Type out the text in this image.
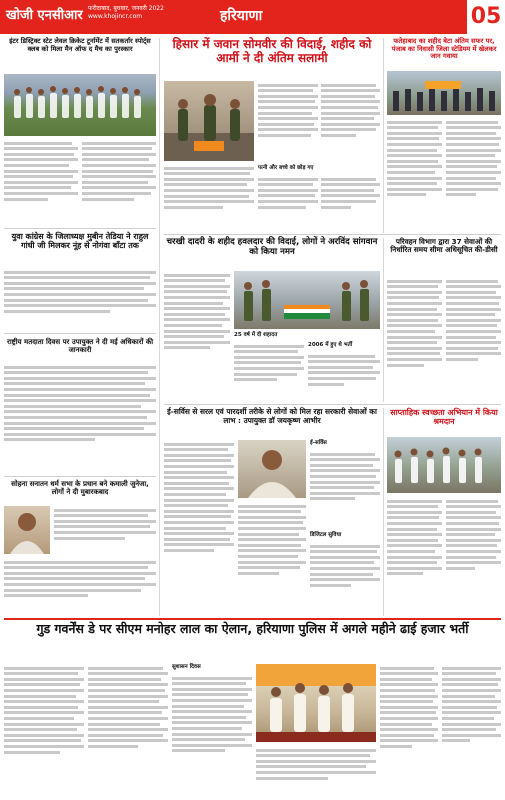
खोजी एनसीआर फरीदाबाद, बुधवार, जनवरी 2022
www.khojincr.com	हरियाणा	05
इंटर डिस्ट्रिक्ट स्टेट लेवल क्रिकेट टूर्नामेंट में सतकर्तार स्पोर्ट्स क्लब को मिला मैन ऑफ द मैच का पुरस्कार
युवा कांग्रेस के जिलाध्यक्ष मुबीन तेडिया ने राहुल गांधी जी मिलकर नूंह से नोगंवा बाँटा तक
राष्ट्रीय मतदाता दिवस पर उपायुक्त ने दी मई अधिकारों की जानकारी
सोहना सनातन धर्म सभा के प्रधान बने कमाली जुनेजा, लोगों ने दी मुबारकबाद
हिसार में जवान सोमवीर की विदाई, शहीद को आर्मी ने दी अंतिम सलामी
पत्नी और बच्चे को छोड़ गए
फतेहाबाद का शहीद बेटा अंतिम सफर पर, पंजाब का निवासी जिला स्टेडियम में खेलकर जान गवाया
चरखी दादरी के शहीद हवलदार की विदाई, लोगों ने अरविंद सांगवान को किया नमन
25 वर्ष में दी शहादत
2006 में हुए थे भर्ती
परिवहन विभाग द्वारा 37 सेवाओं की निर्धारित समय सीमा अधिसूचित की-डीसी
ई-सर्विस से सरल एवं पारदर्शी तरीके से लोगों को मिल रहा सरकारी सेवाओं का लाभ : उपायुक्त डॉ जयकृष्ण आभीर
ई-सर्विस
डिजिटल सुविधा
साप्ताहिक स्वच्छता अभियान में किया श्रमदान
गुड गवर्नेंस डे पर सीएम मनोहर लाल का ऐलान, हरियाणा पुलिस में अगले महीने ढाई हजार भर्ती
सुशासन दिवस
